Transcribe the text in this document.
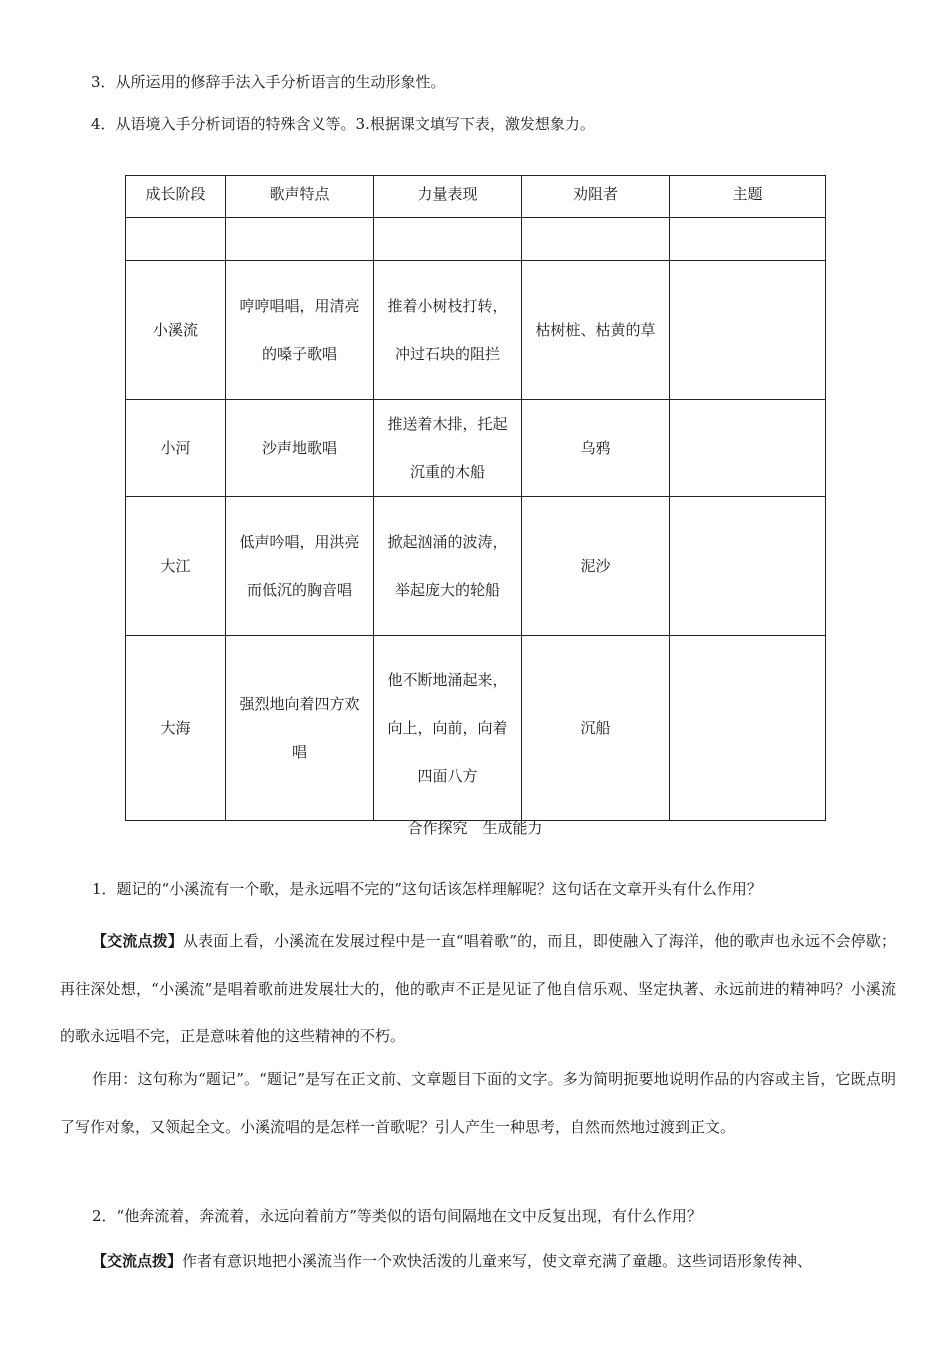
3．从所运用的修辞手法入手分析语言的生动形象性。
4．从语境入手分析词语的特殊含义等。3.根据课文填写下表，激发想象力。
成长阶段	歌声特点	力量表现	劝阻者	主题

小溪流	哼哼唱唱，用清亮的嗓子歌唱	推着小树枝打转，冲过石块的阻拦	枯树桩、枯黄的草	
小河	沙声地歌唱	推送着木排，托起沉重的木船	乌鸦	
大江	低声吟唱，用洪亮而低沉的胸音唱	掀起汹涌的波涛，举起庞大的轮船	泥沙	
大海	强烈地向着四方欢唱	他不断地涌起来，向上，向前，向着四面八方	沉船	
合作探究　生成能力
1．题记的“小溪流有一个歌，是永远唱不完的”这句话该怎样理解呢？这句话在文章开头有什么作用？
【交流点拨】从表面上看，小溪流在发展过程中是一直“唱着歌”的，而且，即使融入了海洋，他的歌声也永远不会停歇；再往深处想，“小溪流”是唱着歌前进发展壮大的，他的歌声不正是见证了他自信乐观、坚定执著、永远前进的精神吗？小溪流的歌永远唱不完，正是意味着他的这些精神的不朽。
作用：这句称为“题记”。“题记”是写在正文前、文章题目下面的文字。多为简明扼要地说明作品的内容或主旨，它既点明了写作对象，又领起全文。小溪流唱的是怎样一首歌呢？引人产生一种思考，自然而然地过渡到正文。
2．“他奔流着，奔流着，永远向着前方”等类似的语句间隔地在文中反复出现，有什么作用？
【交流点拨】作者有意识地把小溪流当作一个欢快活泼的儿童来写，使文章充满了童趣。这些词语形象传神、
